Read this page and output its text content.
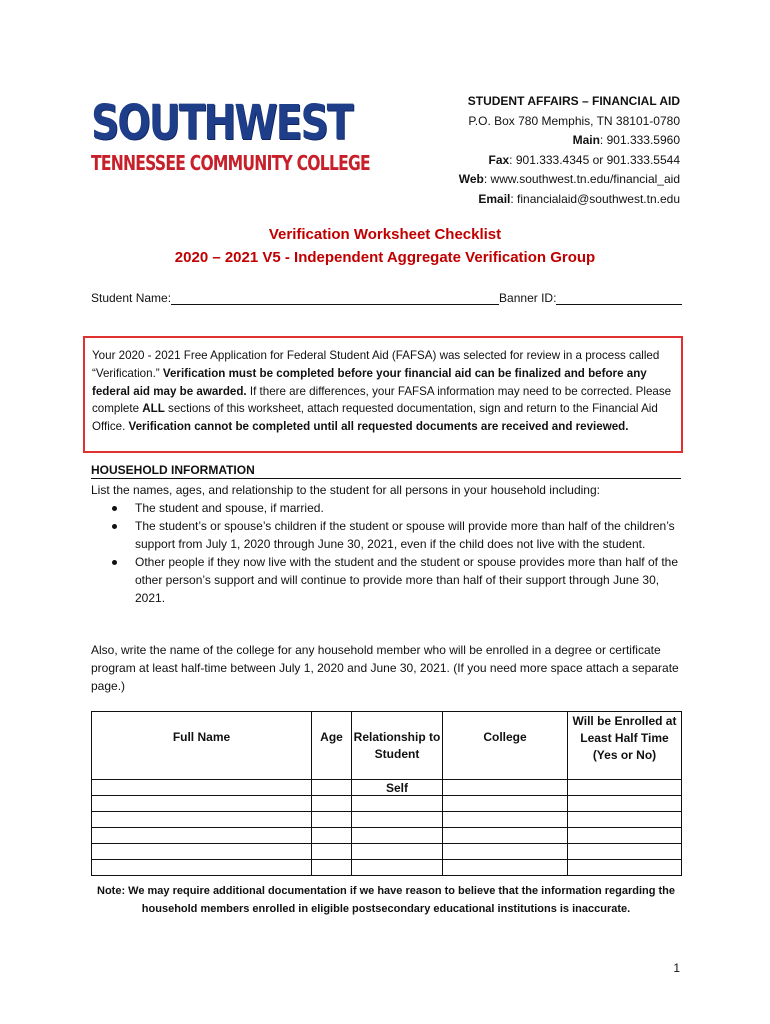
SOUTHWEST
TENNESSEE COMMUNITY COLLEGE
STUDENT AFFAIRS – FINANCIAL AID
P.O. Box 780 Memphis, TN 38101-0780
Main: 901.333.5960
Fax: 901.333.4345 or 901.333.5544
Web: www.southwest.tn.edu/financial_aid
Email: financialaid@southwest.tn.edu
Verification Worksheet Checklist
2020 – 2021 V5 - Independent Aggregate Verification Group
Student Name:	Banner ID:
Your 2020 - 2021 Free Application for Federal Student Aid (FAFSA) was selected for review in a process called “Verification.” Verification must be completed before your financial aid can be finalized and before any federal aid may be awarded. If there are differences, your FAFSA information may need to be corrected. Please complete ALL sections of this worksheet, attach requested documentation, sign and return to the Financial Aid Office. Verification cannot be completed until all requested documents are received and reviewed.
HOUSEHOLD INFORMATION
List the names, ages, and relationship to the student for all persons in your household including:
The student and spouse, if married.
The student’s or spouse’s children if the student or spouse will provide more than half of the children’s support from July 1, 2020 through June 30, 2021, even if the child does not live with the student.
Other people if they now live with the student and the student or spouse provides more than half of the other person’s support and will continue to provide more than half of their support through June 30, 2021.
Also, write the name of the college for any household member who will be enrolled in a degree or certificate program at least half-time between July 1, 2020 and June 30, 2021. (If you need more space attach a separate page.)
Full Name	Age	Relationship to Student	College	Will be Enrolled at Least Half Time (Yes or No)
		Self		

Note: We may require additional documentation if we have reason to believe that the information regarding the household members enrolled in eligible postsecondary educational institutions is inaccurate.
1
